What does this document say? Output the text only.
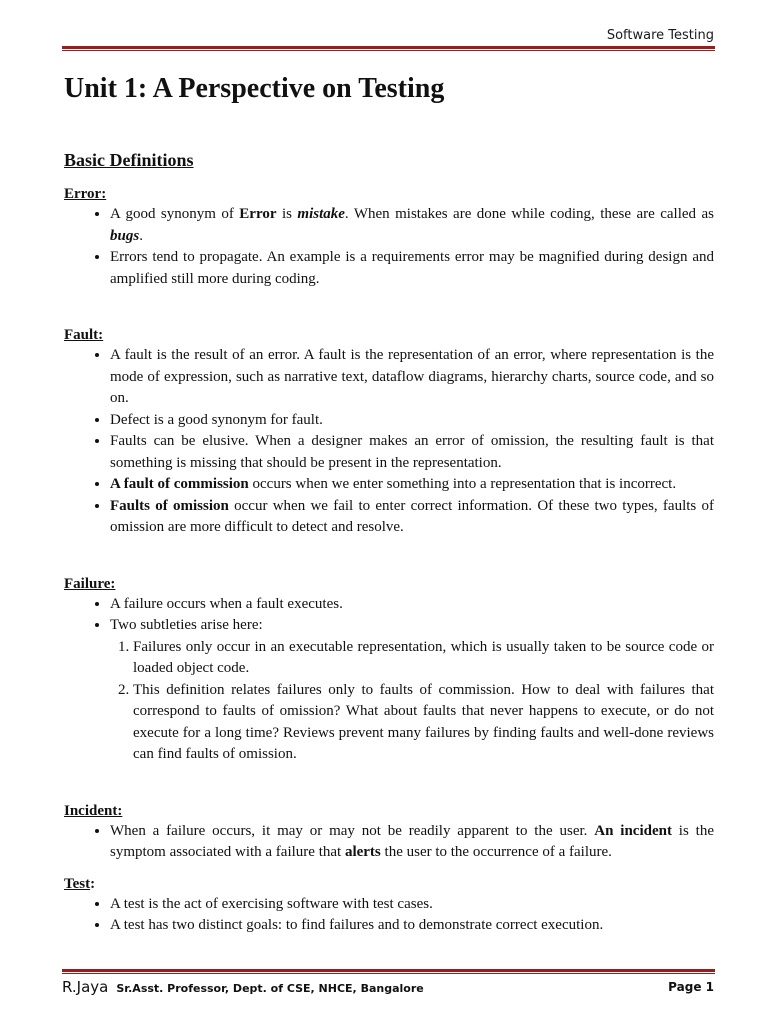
Software Testing
Unit 1: A Perspective on Testing
Basic Definitions
Error:
• A good synonym of Error is mistake. When mistakes are done while coding, these are called as bugs.
• Errors tend to propagate. An example is a requirements error may be magnified during design and amplified still more during coding.
Fault:
• A fault is the result of an error. A fault is the representation of an error, where representation is the mode of expression, such as narrative text, dataflow diagrams, hierarchy charts, source code, and so on.
• Defect is a good synonym for fault.
• Faults can be elusive. When a designer makes an error of omission, the resulting fault is that something is missing that should be present in the representation.
• A fault of commission occurs when we enter something into a representation that is incorrect.
• Faults of omission occur when we fail to enter correct information. Of these two types, faults of omission are more difficult to detect and resolve.
Failure:
• A failure occurs when a fault executes.
• Two subtleties arise here:
1. Failures only occur in an executable representation, which is usually taken to be source code or loaded object code.
2. This definition relates failures only to faults of commission. How to deal with failures that correspond to faults of omission? What about faults that never happens to execute, or do not execute for a long time? Reviews prevent many failures by finding faults and well-done reviews can find faults of omission.
Incident:
• When a failure occurs, it may or may not be readily apparent to the user. An incident is the symptom associated with a failure that alerts the user to the occurrence of a failure.
Test:
• A test is the act of exercising software with test cases.
• A test has two distinct goals: to find failures and to demonstrate correct execution.
R.Jaya Sr.Asst. Professor, Dept. of CSE, NHCE, Bangalore	Page 1
